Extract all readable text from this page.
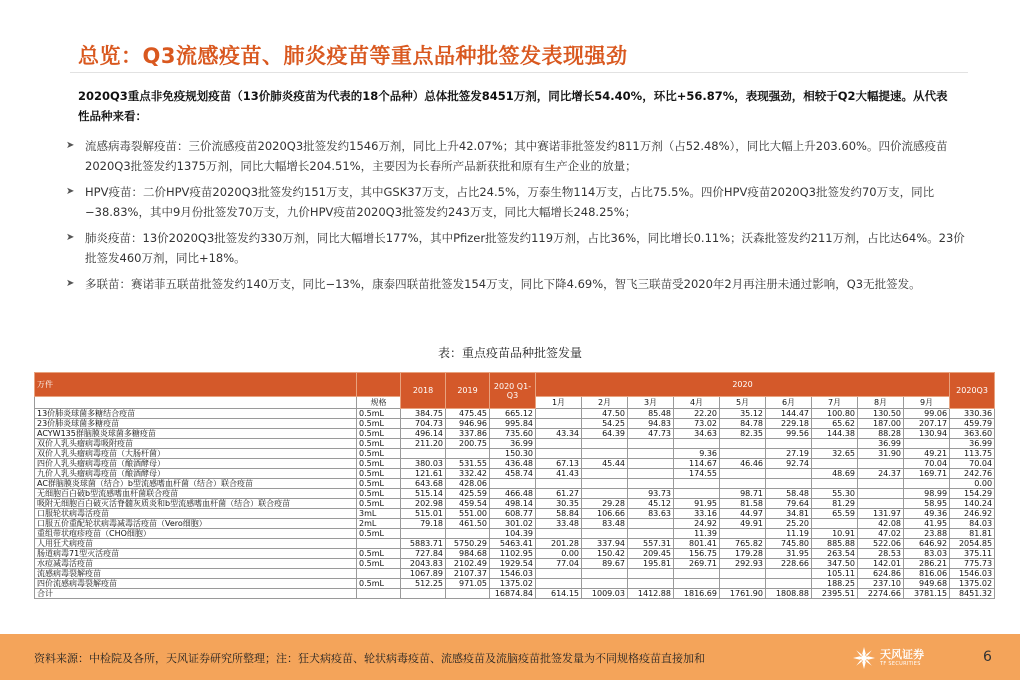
总览：Q3流感疫苗、肺炎疫苗等重点品种批签发表现强劲
2020Q3重点非免疫规划疫苗（13价肺炎疫苗为代表的18个品种）总体批签发8451万剂，同比增长54.40%，环比+56.87%，表现强劲，相较于Q2大幅提速。从代表性品种来看：
➤ 流感病毒裂解疫苗：三价流感疫苗2020Q3批签发约1546万剂，同比上升42.07%；其中赛诺菲批签发约811万剂（占52.48%），同比大幅上升203.60%。四价流感疫苗2020Q3批签发约1375万剂，同比大幅增长204.51%，主要因为长春所产品新获批和原有生产企业的放量；
➤ HPV疫苗：二价HPV疫苗2020Q3批签发约151万支，其中GSK37万支，占比24.5%，万泰生物114万支，占比75.5%。四价HPV疫苗2020Q3批签发约70万支，同比−38.83%，其中9月份批签发70万支，九价HPV疫苗2020Q3批签发约243万支，同比大幅增长248.25%；
➤ 肺炎疫苗：13价2020Q3批签发约330万剂，同比大幅增长177%，其中Pfizer批签发约119万剂，占比36%，同比增长0.11%；沃森批签发约211万剂，占比达64%。23价批签发460万剂，同比+18%。
➤ 多联苗：赛诺菲五联苗批签发约140万支，同比−13%，康泰四联苗批签发154万支，同比下降4.69%，智飞三联苗受2020年2月再注册未通过影响，Q3无批签发。
表：重点疫苗品种批签发量
万件		2018	2019	2020 Q1-Q3	2020									2020Q3
	规格				1月	2月	3月	4月	5月	6月	7月	8月	9月	
13价肺炎球菌多糖结合疫苗	0.5mL	384.75	475.45	665.12		47.50	85.48	22.20	35.12	144.47	100.80	130.50	99.06	330.36
23价肺炎球菌多糖疫苗	0.5mL	704.73	946.96	995.84		54.25	94.83	73.02	84.78	229.18	65.62	187.00	207.17	459.79
ACYW135群脑膜炎球菌多糖疫苗	0.5mL	496.14	337.86	735.60	43.34	64.39	47.73	34.63	82.35	99.56	144.38	88.28	130.94	363.60
双价人乳头瘤病毒吸附疫苗	0.5mL	211.20	200.75	36.99								36.99		36.99
双价人乳头瘤病毒疫苗（大肠杆菌）	0.5mL			150.30				9.36		27.19	32.65	31.90	49.21	113.75
四价人乳头瘤病毒疫苗（酿酒酵母）	0.5mL	380.03	531.55	436.48	67.13	45.44		114.67	46.46	92.74			70.04	70.04
九价人乳头瘤病毒疫苗（酿酒酵母）	0.5mL	121.61	332.42	458.74	41.43			174.55			48.69	24.37	169.71	242.76
AC群脑膜炎球菌（结合）b型流感嗜血杆菌（结合）联合疫苗	0.5mL	643.68	428.06											0.00
无细胞百白破b型流感嗜血杆菌联合疫苗	0.5mL	515.14	425.59	466.48	61.27		93.73		98.71	58.48	55.30		98.99	154.29
吸附无细胞百白破灭活脊髓灰质炎和b型流感嗜血杆菌（结合）联合疫苗	0.5mL	202.98	459.54	498.14	30.35	29.28	45.12	91.95	81.58	79.64	81.29		58.95	140.24
口服轮状病毒活疫苗	3mL	515.01	551.00	608.77	58.84	106.66	83.63	33.16	44.97	34.81	65.59	131.97	49.36	246.92
口服五价重配轮状病毒减毒活疫苗（Vero细胞）	2mL	79.18	461.50	301.02	33.48	83.48		24.92	49.91	25.20		42.08	41.95	84.03
重组带状疱疹疫苗（CHO细胞）	0.5mL			104.39				11.39		11.19	10.91	47.02	23.88	81.81
人用狂犬病疫苗		5883.71	5750.29	5463.41	201.28	337.94	557.31	801.41	765.82	745.80	885.88	522.06	646.92	2054.85
肠道病毒71型灭活疫苗	0.5mL	727.84	984.68	1102.95	0.00	150.42	209.45	156.75	179.28	31.95	263.54	28.53	83.03	375.11
水痘减毒活疫苗	0.5mL	2043.83	2102.49	1929.54	77.04	89.67	195.81	269.71	292.93	228.66	347.50	142.01	286.21	775.73
流感病毒裂解疫苗		1067.89	2107.37	1546.03							105.11	624.86	816.06	1546.03
四价流感病毒裂解疫苗	0.5mL	512.25	971.05	1375.02							188.25	237.10	949.68	1375.02
合计				16874.84	614.15	1009.03	1412.88	1816.69	1761.90	1808.88	2395.51	2274.66	3781.15	8451.32
资料来源：中检院及各所，天风证券研究所整理；注：狂犬病疫苗、轮状病毒疫苗、流感疫苗及流脑疫苗批签发量为不同规格疫苗直接加和	天风证券
TF SECURITIES	6
